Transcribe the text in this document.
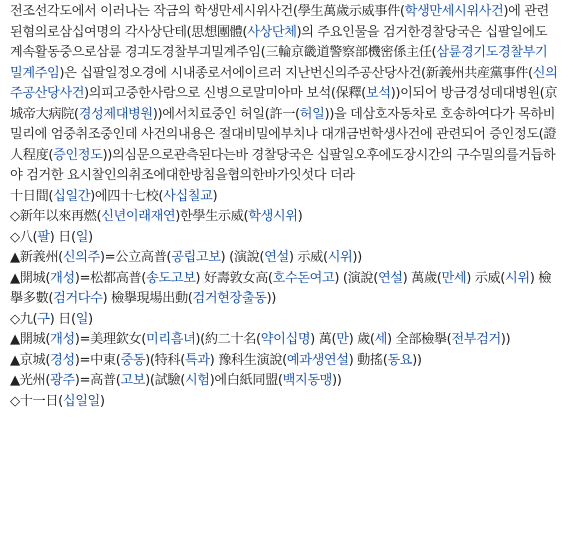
전조선각도에서 이러나는 작금의 학생만세시위사건(學生萬歲示威事件(학생만세시위사건)에 관련된혐의로삼십여명의 각사상단테(思想團體(사상단체)의 주요인물을 검거한경찰당국은 십팔일에도 계속활동중으로삼륜 경긔도경찰부긔밀계주임(三輪京畿道警察部機密係主任(삼륜경기도경찰부기밀계주임)은 십팔일정오경에 시내종로서에이르러 지난번신의주공산당사건(新義州共産黨事件(신의주공산당사건)의피고중한사람으로 신병으로말미아마 보석(保釋(보석))이되어 방금경성데대병원(京城帝大病院(경성제대병원))에서치료중인 허일(許一(허일))을 데삼호자동차로 호송하여다가 목하비밀리에 엄중취조중인데 사건의내용은 절대비밀에부치나 대개금번학생사건에 관련되어 증인정도(證人程度(증인정도))의심문으로관측된다는바 경찰당국은 십팔일오후에도장시간의 구수밀의를거듭하야 검거한 요시찰인의취조에대한방침을협의한바가잇섯다 더라

十日間(십일간)에四十七校(사십칠교)

◇新年以來再燃(신년이래재연)한學生示威(학생시위)

◇八(팔) 日(일)

▲新義州(신의주)=公立高普(공립고보) (演說(연설) 示威(시위))

▲開城(개성)=松都高普(송도고보) 好壽敦女高(호수돈여고) (演說(연설) 萬歲(만세) 示威(시위) 檢擧多數(검거다수) 檢擧現場出動(검거현장출동))

◇九(구) 日(일)

▲開城(개성)=美理欽女(미리흠녀)(約二十名(약이십명) 萬(만) 歲(세) 全部檢擧(전부검거))

▲京城(경성)=中東(중동)(特科(특과) 豫科生演說(예과생연설) 動搖(동요))

▲光州(광주)=高普(고보)(試驗(시험)에白紙同盟(백지동맹))

◇十一日(십일일)
